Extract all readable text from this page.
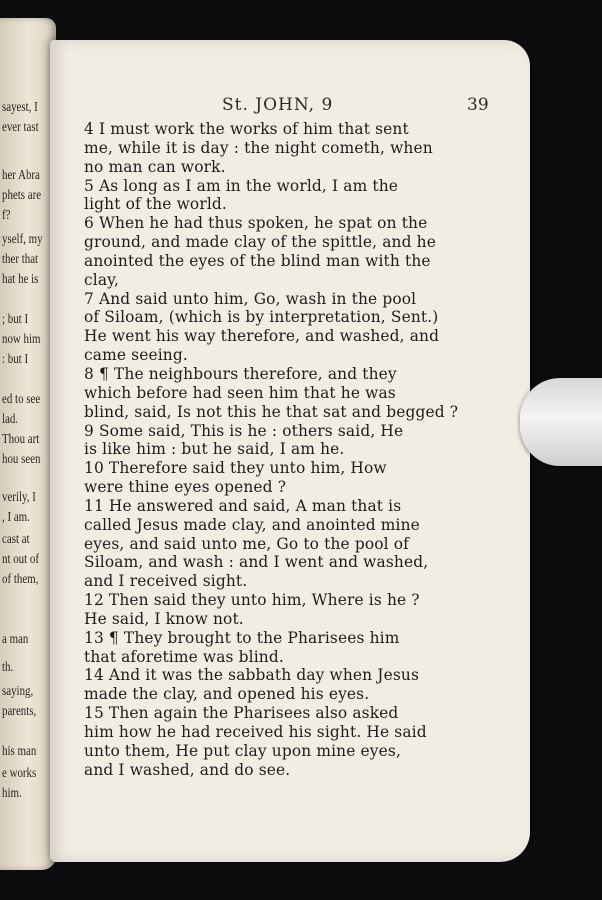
sayest, I
ever tast
her Abra
phets are
f?
yself, my
ther that
hat he is
; but I
now him
: but I
ed to see
lad.
Thou art
hou seen
verily, I
, I am.
cast at
nt out of
of them,
a man
th.
saying,
parents,
his man
e works
him.
St. JOHN, 9	39
4 I must work the works of him that sent
me, while it is day : the night cometh, when
no man can work.
5 As long as I am in the world, I am the
light of the world.
6 When he had thus spoken, he spat on the
ground, and made clay of the spittle, and he
anointed the eyes of the blind man with the
clay,
7 And said unto him, Go, wash in the pool
of Siloam, (which is by interpretation, Sent.)
He went his way therefore, and washed, and
came seeing.
8 ¶ The neighbours therefore, and they
which before had seen him that he was
blind, said, Is not this he that sat and begged ?
9 Some said, This is he : others said, He
is like him : but he said, I am he.
10 Therefore said they unto him, How
were thine eyes opened ?
11 He answered and said, A man that is
called Jesus made clay, and anointed mine
eyes, and said unto me, Go to the pool of
Siloam, and wash : and I went and washed,
and I received sight.
12 Then said they unto him, Where is he ?
He said, I know not.
13 ¶ They brought to the Pharisees him
that aforetime was blind.
14 And it was the sabbath day when Jesus
made the clay, and opened his eyes.
15 Then again the Pharisees also asked
him how he had received his sight. He said
unto them, He put clay upon mine eyes,
and I washed, and do see.
